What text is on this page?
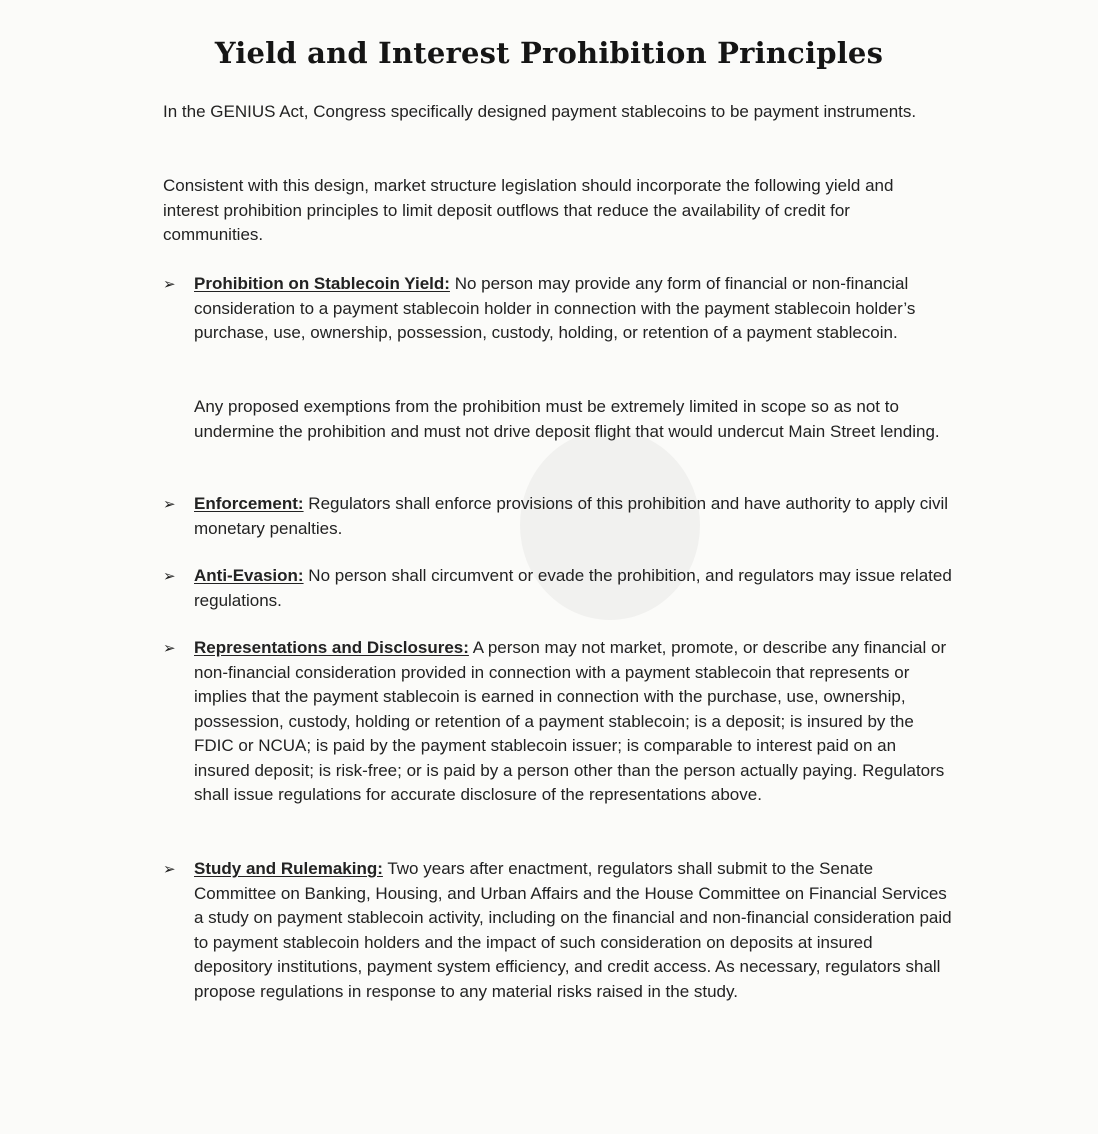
Yield and Interest Prohibition Principles

In the GENIUS Act, Congress specifically designed payment stablecoins to be payment instruments.

Consistent with this design, market structure legislation should incorporate the following yield and interest prohibition principles to limit deposit outflows that reduce the availability of credit for communities.

➢ Prohibition on Stablecoin Yield: No person may provide any form of financial or non-financial consideration to a payment stablecoin holder in connection with the payment stablecoin holder’s purchase, use, ownership, possession, custody, holding, or retention of a payment stablecoin.
Any proposed exemptions from the prohibition must be extremely limited in scope so as not to undermine the prohibition and must not drive deposit flight that would undercut Main Street lending.
➢ Enforcement: Regulators shall enforce provisions of this prohibition and have authority to apply civil monetary penalties.
➢ Anti-Evasion: No person shall circumvent or evade the prohibition, and regulators may issue related regulations.
➢ Representations and Disclosures: A person may not market, promote, or describe any financial or non-financial consideration provided in connection with a payment stablecoin that represents or implies that the payment stablecoin is earned in connection with the purchase, use, ownership, possession, custody, holding or retention of a payment stablecoin; is a deposit; is insured by the FDIC or NCUA; is paid by the payment stablecoin issuer; is comparable to interest paid on an insured deposit; is risk-free; or is paid by a person other than the person actually paying. Regulators shall issue regulations for accurate disclosure of the representations above.
➢ Study and Rulemaking: Two years after enactment, regulators shall submit to the Senate Committee on Banking, Housing, and Urban Affairs and the House Committee on Financial Services a study on payment stablecoin activity, including on the financial and non-financial consideration paid to payment stablecoin holders and the impact of such consideration on deposits at insured depository institutions, payment system efficiency, and credit access. As necessary, regulators shall propose regulations in response to any material risks raised in the study.
